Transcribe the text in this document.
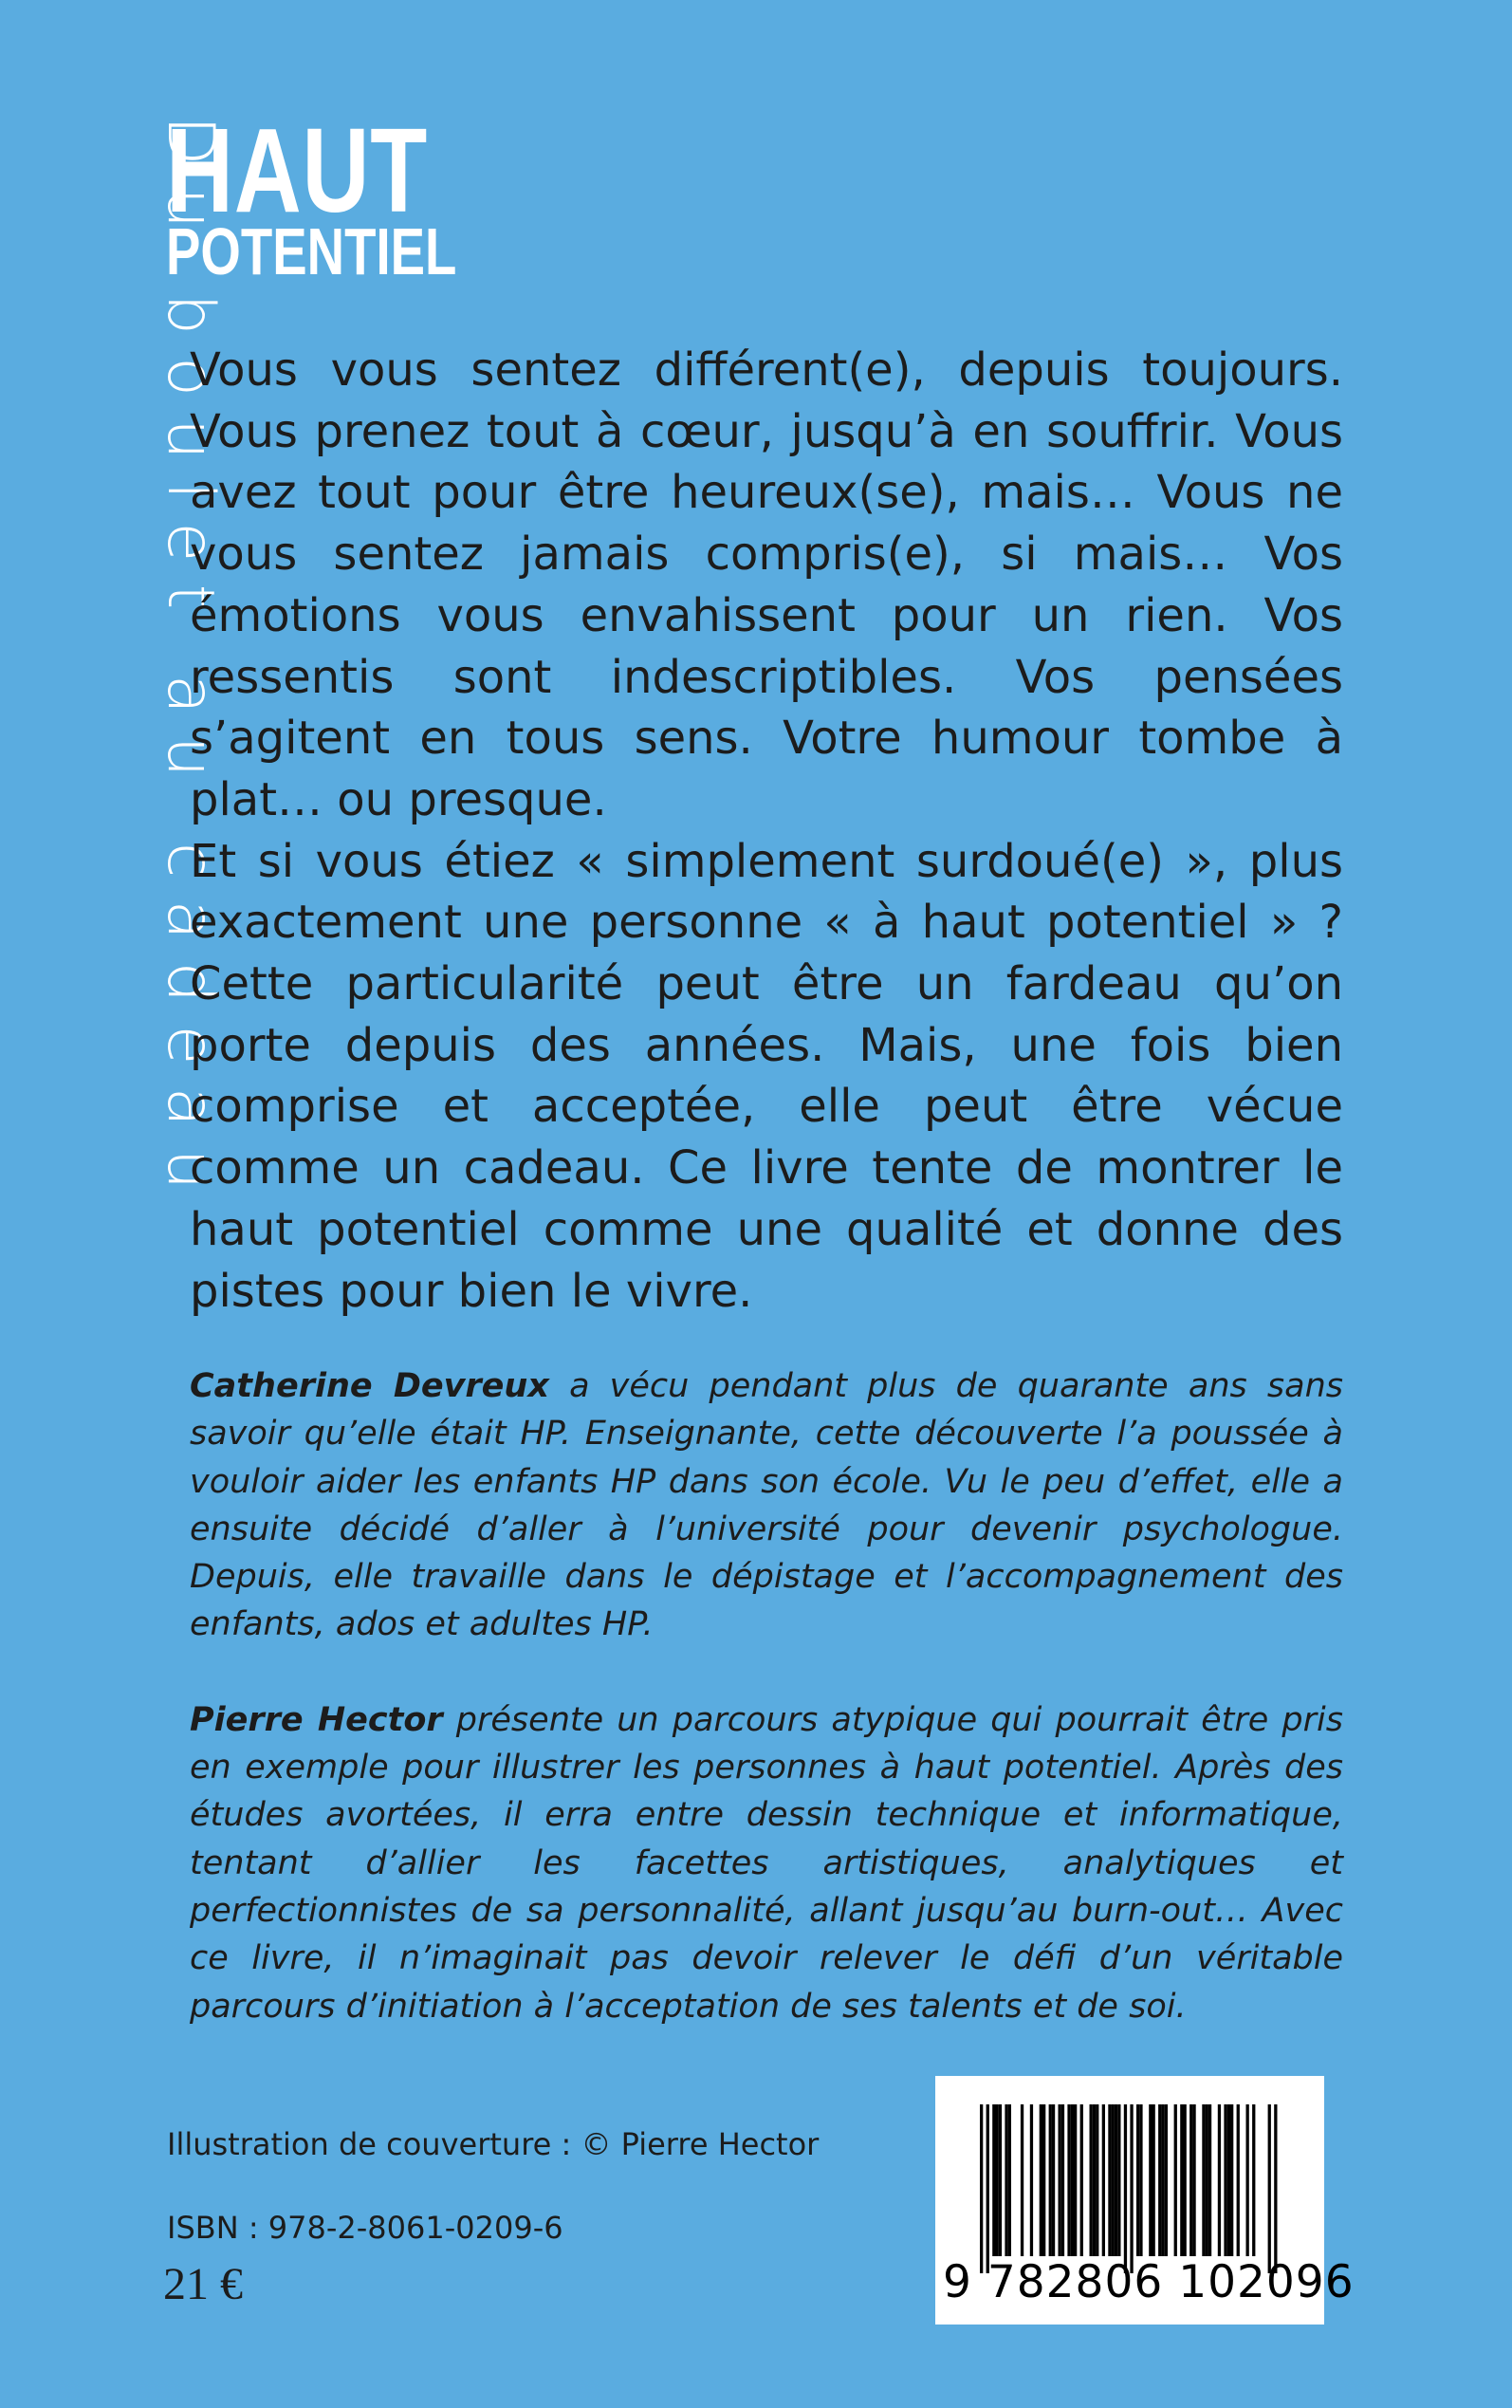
Du boulet au cadeau
HAUT
POTENTIEL

Vous vous sentez différent(e), depuis toujours. Vous prenez tout à cœur, jusqu’à en souffrir. Vous avez tout pour être heureux(se), mais… Vous ne vous sentez jamais compris(e), si mais… Vos émotions vous envahissent pour un rien. Vos ressentis sont indescriptibles. Vos pensées s’agitent en tous sens. Votre humour tombe à plat… ou presque.

Et si vous étiez « simplement surdoué(e) », plus exactement une personne « à haut potentiel » ? Cette particularité peut être un fardeau qu’on porte depuis des années. Mais, une fois bien comprise et acceptée, elle peut être vécue comme un cadeau. Ce livre tente de montrer le haut potentiel comme une qualité et donne des pistes pour bien le vivre.

Catherine Devreux a vécu pendant plus de quarante ans sans savoir qu’elle était HP. Enseignante, cette découverte l’a poussée à vouloir aider les enfants HP dans son école. Vu le peu d’effet, elle a ensuite décidé d’aller à l’université pour devenir psychologue. Depuis, elle travaille dans le dépistage et l’accompagnement des enfants, ados et adultes HP.

Pierre Hector présente un parcours atypique qui pourrait être pris en exemple pour illustrer les personnes à haut potentiel. Après des études avortées, il erra entre dessin technique et informatique, tentant d’allier les facettes artistiques, analytiques et perfectionnistes de sa personnalité, allant jusqu’au burn-out… Avec ce livre, il n’imaginait pas devoir relever le défi d’un véritable parcours d’initiation à l’acceptation de ses talents et de soi.

Illustration de couverture : © Pierre Hector
ISBN : 978-2-8061-0209-6
21 €	9 782806 102096
